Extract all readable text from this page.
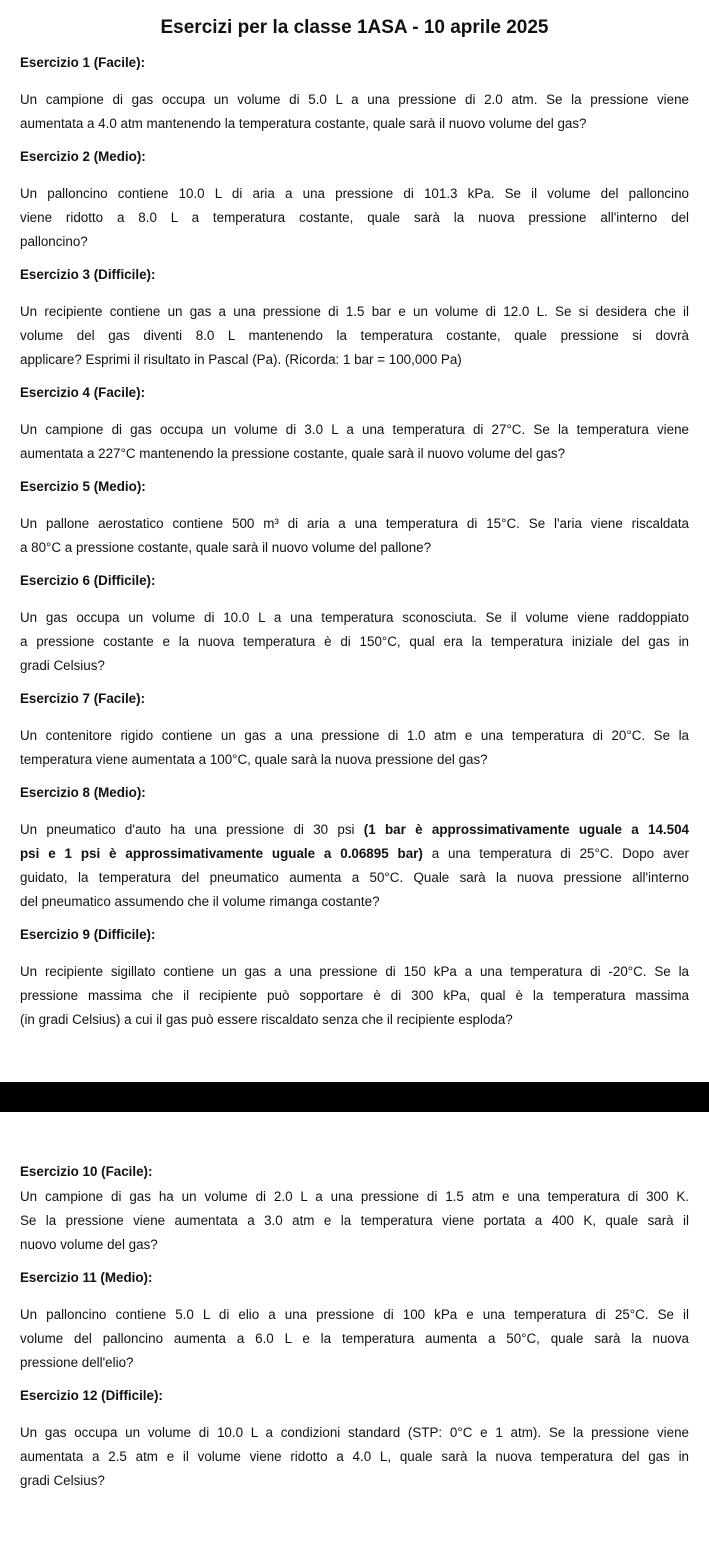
Esercizi per la classe 1ASA - 10 aprile 2025
Esercizio 1 (Facile):
Un campione di gas occupa un volume di 5.0 L a una pressione di 2.0 atm. Se la pressione viene
aumentata a 4.0 atm mantenendo la temperatura costante, quale sarà il nuovo volume del gas?
Esercizio 2 (Medio):
Un palloncino contiene 10.0 L di aria a una pressione di 101.3 kPa. Se il volume del palloncino
viene ridotto a 8.0 L a temperatura costante, quale sarà la nuova pressione all'interno del
palloncino?
Esercizio 3 (Difficile):
Un recipiente contiene un gas a una pressione di 1.5 bar e un volume di 12.0 L. Se si desidera che il
volume del gas diventi 8.0 L mantenendo la temperatura costante, quale pressione si dovrà
applicare? Esprimi il risultato in Pascal (Pa). (Ricorda: 1 bar = 100,000 Pa)
Esercizio 4 (Facile):
Un campione di gas occupa un volume di 3.0 L a una temperatura di 27°C. Se la temperatura viene
aumentata a 227°C mantenendo la pressione costante, quale sarà il nuovo volume del gas?
Esercizio 5 (Medio):
Un pallone aerostatico contiene 500 m³ di aria a una temperatura di 15°C. Se l'aria viene riscaldata
a 80°C a pressione costante, quale sarà il nuovo volume del pallone?
Esercizio 6 (Difficile):
Un gas occupa un volume di 10.0 L a una temperatura sconosciuta. Se il volume viene raddoppiato
a pressione costante e la nuova temperatura è di 150°C, qual era la temperatura iniziale del gas in
gradi Celsius?
Esercizio 7 (Facile):
Un contenitore rigido contiene un gas a una pressione di 1.0 atm e una temperatura di 20°C. Se la
temperatura viene aumentata a 100°C, quale sarà la nuova pressione del gas?
Esercizio 8 (Medio):
Un pneumatico d'auto ha una pressione di 30 psi (1 bar è approssimativamente uguale a 14.504
psi e 1 psi è approssimativamente uguale a 0.06895 bar) a una temperatura di 25°C. Dopo aver
guidato, la temperatura del pneumatico aumenta a 50°C. Quale sarà la nuova pressione all'interno
del pneumatico assumendo che il volume rimanga costante?
Esercizio 9 (Difficile):
Un recipiente sigillato contiene un gas a una pressione di 150 kPa a una temperatura di -20°C. Se la
pressione massima che il recipiente può sopportare è di 300 kPa, qual è la temperatura massima
(in gradi Celsius) a cui il gas può essere riscaldato senza che il recipiente esploda?
Esercizio 10 (Facile):
Un campione di gas ha un volume di 2.0 L a una pressione di 1.5 atm e una temperatura di 300 K.
Se la pressione viene aumentata a 3.0 atm e la temperatura viene portata a 400 K, quale sarà il
nuovo volume del gas?
Esercizio 11 (Medio):
Un palloncino contiene 5.0 L di elio a una pressione di 100 kPa e una temperatura di 25°C. Se il
volume del palloncino aumenta a 6.0 L e la temperatura aumenta a 50°C, quale sarà la nuova
pressione dell'elio?
Esercizio 12 (Difficile):
Un gas occupa un volume di 10.0 L a condizioni standard (STP: 0°C e 1 atm). Se la pressione viene
aumentata a 2.5 atm e il volume viene ridotto a 4.0 L, quale sarà la nuova temperatura del gas in
gradi Celsius?
